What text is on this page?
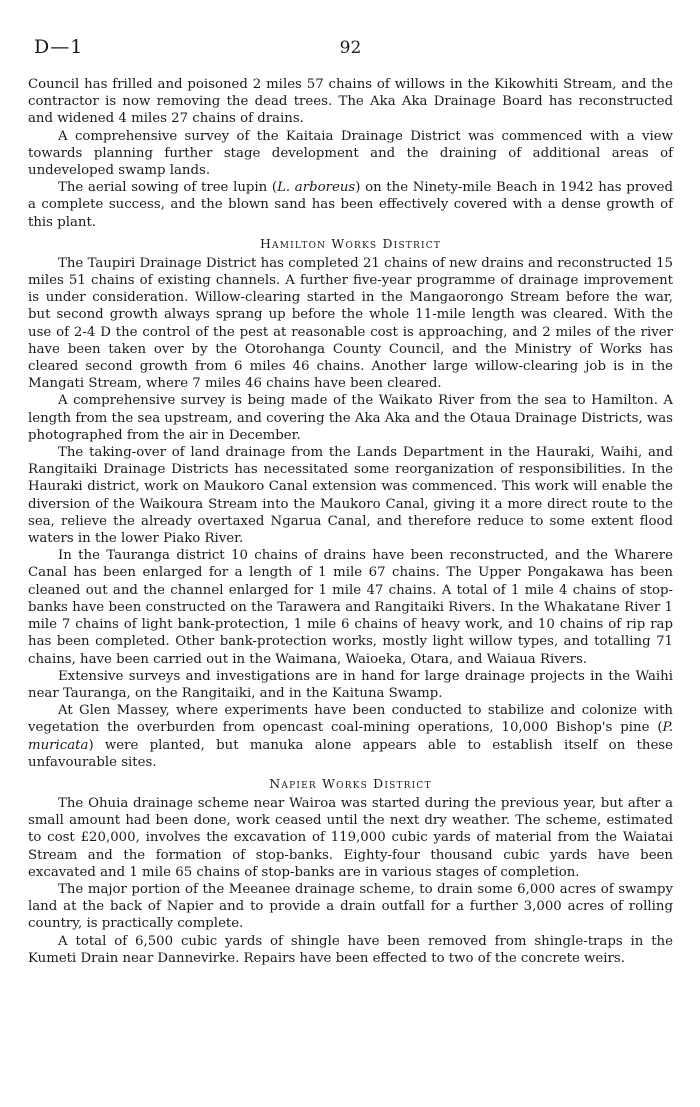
D—1	92

Council has frilled and poisoned 2 miles 57 chains of willows in the Kikowhiti Stream, and the contractor is now removing the dead trees. The Aka Aka Drainage Board has reconstructed and widened 4 miles 27 chains of drains.

A comprehensive survey of the Kaitaia Drainage District was commenced with a view towards planning further stage development and the draining of additional areas of undeveloped swamp lands.

The aerial sowing of tree lupin (L. arboreus) on the Ninety-mile Beach in 1942 has proved a complete success, and the blown sand has been effectively covered with a dense growth of this plant.

Hamilton Works District

The Taupiri Drainage District has completed 21 chains of new drains and reconstructed 15 miles 51 chains of existing channels. A further five-year programme of drainage improvement is under consideration. Willow-clearing started in the Mangaorongo Stream before the war, but second growth always sprang up before the whole 11-mile length was cleared. With the use of 2-4 D the control of the pest at reasonable cost is approaching, and 2 miles of the river have been taken over by the Otorohanga County Council, and the Ministry of Works has cleared second growth from 6 miles 46 chains. Another large willow-clearing job is in the Mangati Stream, where 7 miles 46 chains have been cleared.

A comprehensive survey is being made of the Waikato River from the sea to Hamilton. A length from the sea upstream, and covering the Aka Aka and the Otaua Drainage Districts, was photographed from the air in December.

The taking-over of land drainage from the Lands Department in the Hauraki, Waihi, and Rangitaiki Drainage Districts has necessitated some reorganization of responsibilities. In the Hauraki district, work on Maukoro Canal extension was commenced. This work will enable the diversion of the Waikoura Stream into the Maukoro Canal, giving it a more direct route to the sea, relieve the already overtaxed Ngarua Canal, and therefore reduce to some extent flood waters in the lower Piako River.

In the Tauranga district 10 chains of drains have been reconstructed, and the Wharere Canal has been enlarged for a length of 1 mile 67 chains. The Upper Pongakawa has been cleaned out and the channel enlarged for 1 mile 47 chains. A total of 1 mile 4 chains of stop-banks have been constructed on the Tarawera and Rangitaiki Rivers. In the Whakatane River 1 mile 7 chains of light bank-protection, 1 mile 6 chains of heavy work, and 10 chains of rip rap has been completed. Other bank-protection works, mostly light willow types, and totalling 71 chains, have been carried out in the Waimana, Waioeka, Otara, and Waiaua Rivers.

Extensive surveys and investigations are in hand for large drainage projects in the Waihi near Tauranga, on the Rangitaiki, and in the Kaituna Swamp.

At Glen Massey, where experiments have been conducted to stabilize and colonize with vegetation the overburden from opencast coal-mining operations, 10,000 Bishop's pine (P. muricata) were planted, but manuka alone appears able to establish itself on these unfavourable sites.

Napier Works District

The Ohuia drainage scheme near Wairoa was started during the previous year, but after a small amount had been done, work ceased until the next dry weather. The scheme, estimated to cost £20,000, involves the excavation of 119,000 cubic yards of material from the Waiatai Stream and the formation of stop-banks. Eighty-four thousand cubic yards have been excavated and 1 mile 65 chains of stop-banks are in various stages of completion.

The major portion of the Meeanee drainage scheme, to drain some 6,000 acres of swampy land at the back of Napier and to provide a drain outfall for a further 3,000 acres of rolling country, is practically complete.

A total of 6,500 cubic yards of shingle have been removed from shingle-traps in the Kumeti Drain near Dannevirke. Repairs have been effected to two of the concrete weirs.
